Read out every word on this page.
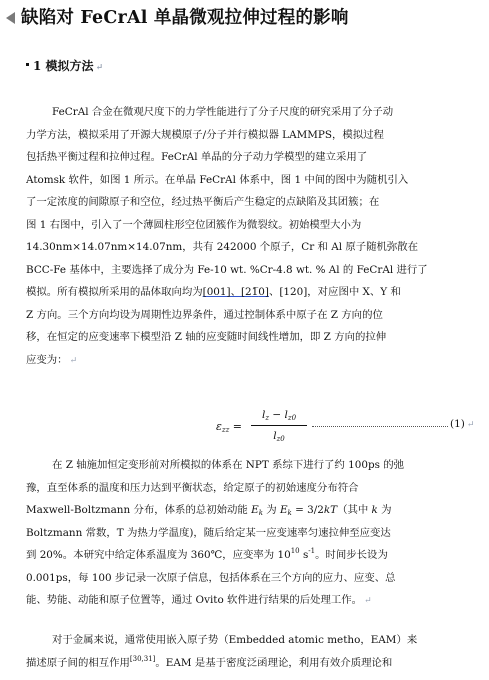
缺陷对 FeCrAl 单晶微观拉伸过程的影响
1 模拟方法 ↵
FeCrAl 合金在微观尺度下的力学性能进行了分子尺度的研究采用了分子动
力学方法，模拟采用了开源大规模原子/分子并行模拟器 LAMMPS，模拟过程
包括热平衡过程和拉伸过程。FeCrAl 单晶的分子动力学模型的建立采用了
Atomsk 软件，如图 1 所示。在单晶 FeCrAl 体系中，图 1 中间的图中为随机引入
了一定浓度的间隙原子和空位，经过热平衡后产生稳定的点缺陷及其团簇；在
图 1 右图中，引入了一个薄圆柱形空位团簇作为微裂纹。初始模型大小为
14.30nm×14.07nm×14.07nm，共有 242000 个原子，Cr 和 Al 原子随机弥散在
BCC-Fe 基体中，主要选择了成分为 Fe-10 wt. %Cr-4.8 wt. % Al 的 FeCrAl 进行了
模拟。所有模拟所采用的晶体取向均为[001]、[21̅0]、[120]，对应图中 X、Y 和
Z 方向。三个方向均设为周期性边界条件，通过控制体系中原子在 Z 方向的位
移，在恒定的应变速率下模型沿 Z 轴的应变随时间线性增加，即 Z 方向的拉伸
应变为： ↵
$\varepsilon_{zz}$ =
$l_z - l_{z0}$
$l_{z0}$
(1) ↵
在 Z 轴施加恒定变形前对所模拟的体系在 NPT 系综下进行了约 100ps 的弛
豫，直至体系的温度和压力达到平衡状态，给定原子的初始速度分布符合
Maxwell-Boltzmann 分布，体系的总初始动能 $E_k$ 为 $E_k = 3/2kT$（其中 k 为
Boltzmann 常数，T 为热力学温度)，随后给定某一应变速率匀速拉伸至应变达
到 20%。本研究中给定体系温度为 360℃，应变率为 $10^{10}$ $s^{-1}$。时间步长设为
0.001ps，每 100 步记录一次原子信息，包括体系在三个方向的应力、应变、总
能、势能、动能和原子位置等，通过 Ovito 软件进行结果的后处理工作。 ↵
对于金属来说，通常使用嵌入原子势（Embedded atomic metho，EAM）来
描述原子间的相互作用[30,31]。EAM 是基于密度泛函理论，利用有效介质理论和
